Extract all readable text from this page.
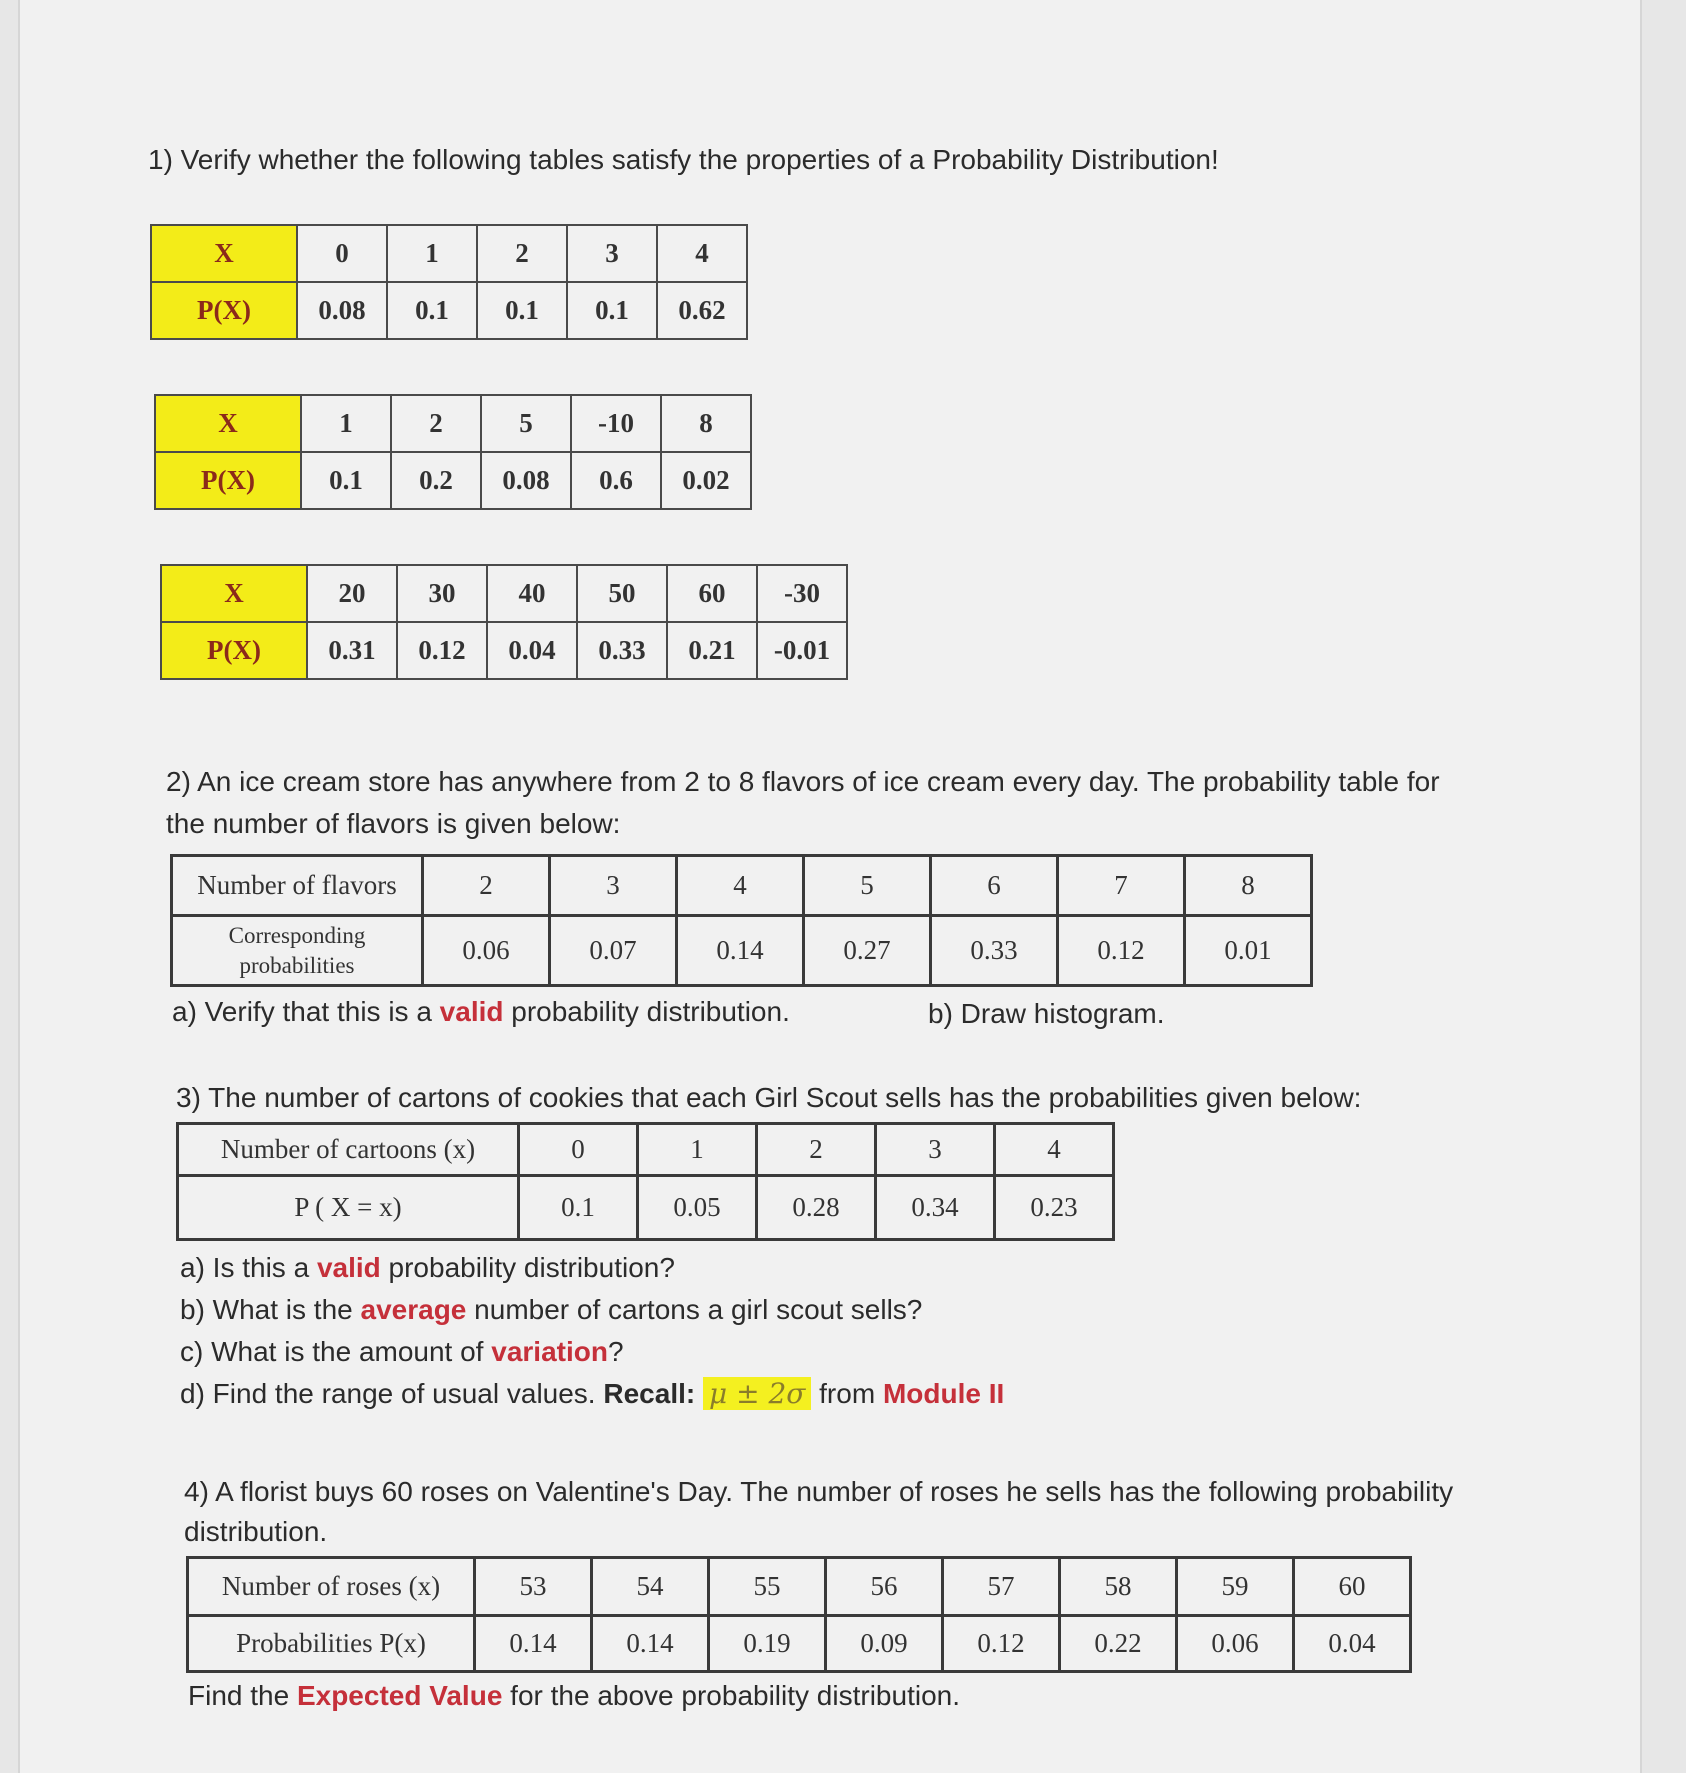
1) Verify whether the following tables satisfy the properties of a Probability Distribution!
X	0	1	2	3	4
P(X)	0.08	0.1	0.1	0.1	0.62
X	1	2	5	-10	8
P(X)	0.1	0.2	0.08	0.6	0.02
X	20	30	40	50	60	-30
P(X)	0.31	0.12	0.04	0.33	0.21	-0.01
2) An ice cream store has anywhere from 2 to 8 flavors of ice cream every day. The probability table for
the number of flavors is given below:
Number of flavors	2	3	4	5	6	7	8

Corresponding
probabilities	0.06	0.07	0.14	0.27	0.33	0.12	0.01
a) Verify that this is a valid probability distribution.	b) Draw histogram.
3) The number of cartons of cookies that each Girl Scout sells has the probabilities given below:
Number of cartoons (x)	0	1	2	3	4
P ( X = x)	0.1	0.05	0.28	0.34	0.23
a) Is this a valid probability distribution?
b) What is the average number of cartons a girl scout sells?
c) What is the amount of variation?
d) Find the range of usual values. Recall: μ ± 2σ from Module II
4) A florist buys 60 roses on Valentine's Day. The number of roses he sells has the following probability
distribution.
Number of roses (x)	53	54	55	56	57	58	59	60
Probabilities P(x)	0.14	0.14	0.19	0.09	0.12	0.22	0.06	0.04
Find the Expected Value for the above probability distribution.
